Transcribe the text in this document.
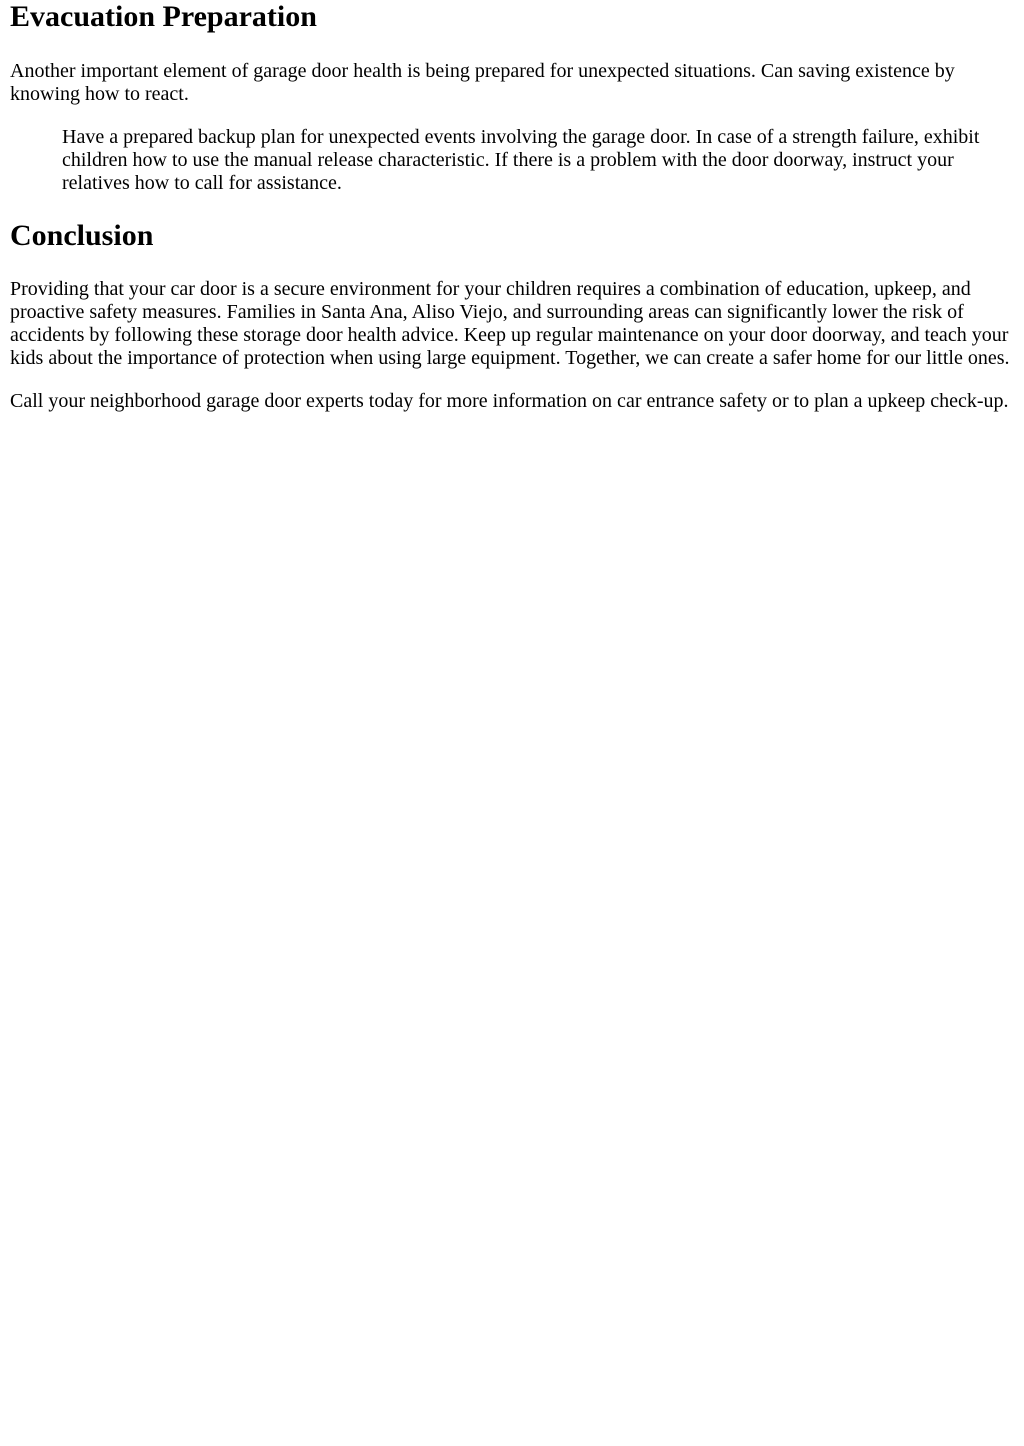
Evacuation Preparation

Another important element of garage door health is being prepared for unexpected situations. Can saving existence by knowing how to react.

Have a prepared backup plan for unexpected events involving the garage door. In case of a strength failure, exhibit children how to use the manual release characteristic. If there is a problem with the door doorway, instruct your relatives how to call for assistance.
Conclusion

Providing that your car door is a secure environment for your children requires a combination of education, upkeep, and proactive safety measures. Families in Santa Ana, Aliso Viejo, and surrounding areas can significantly lower the risk of accidents by following these storage door health advice. Keep up regular maintenance on your door doorway, and teach your kids about the importance of protection when using large equipment. Together, we can create a safer home for our little ones.

Call your neighborhood garage door experts today for more information on car entrance safety or to plan a upkeep check-up.
